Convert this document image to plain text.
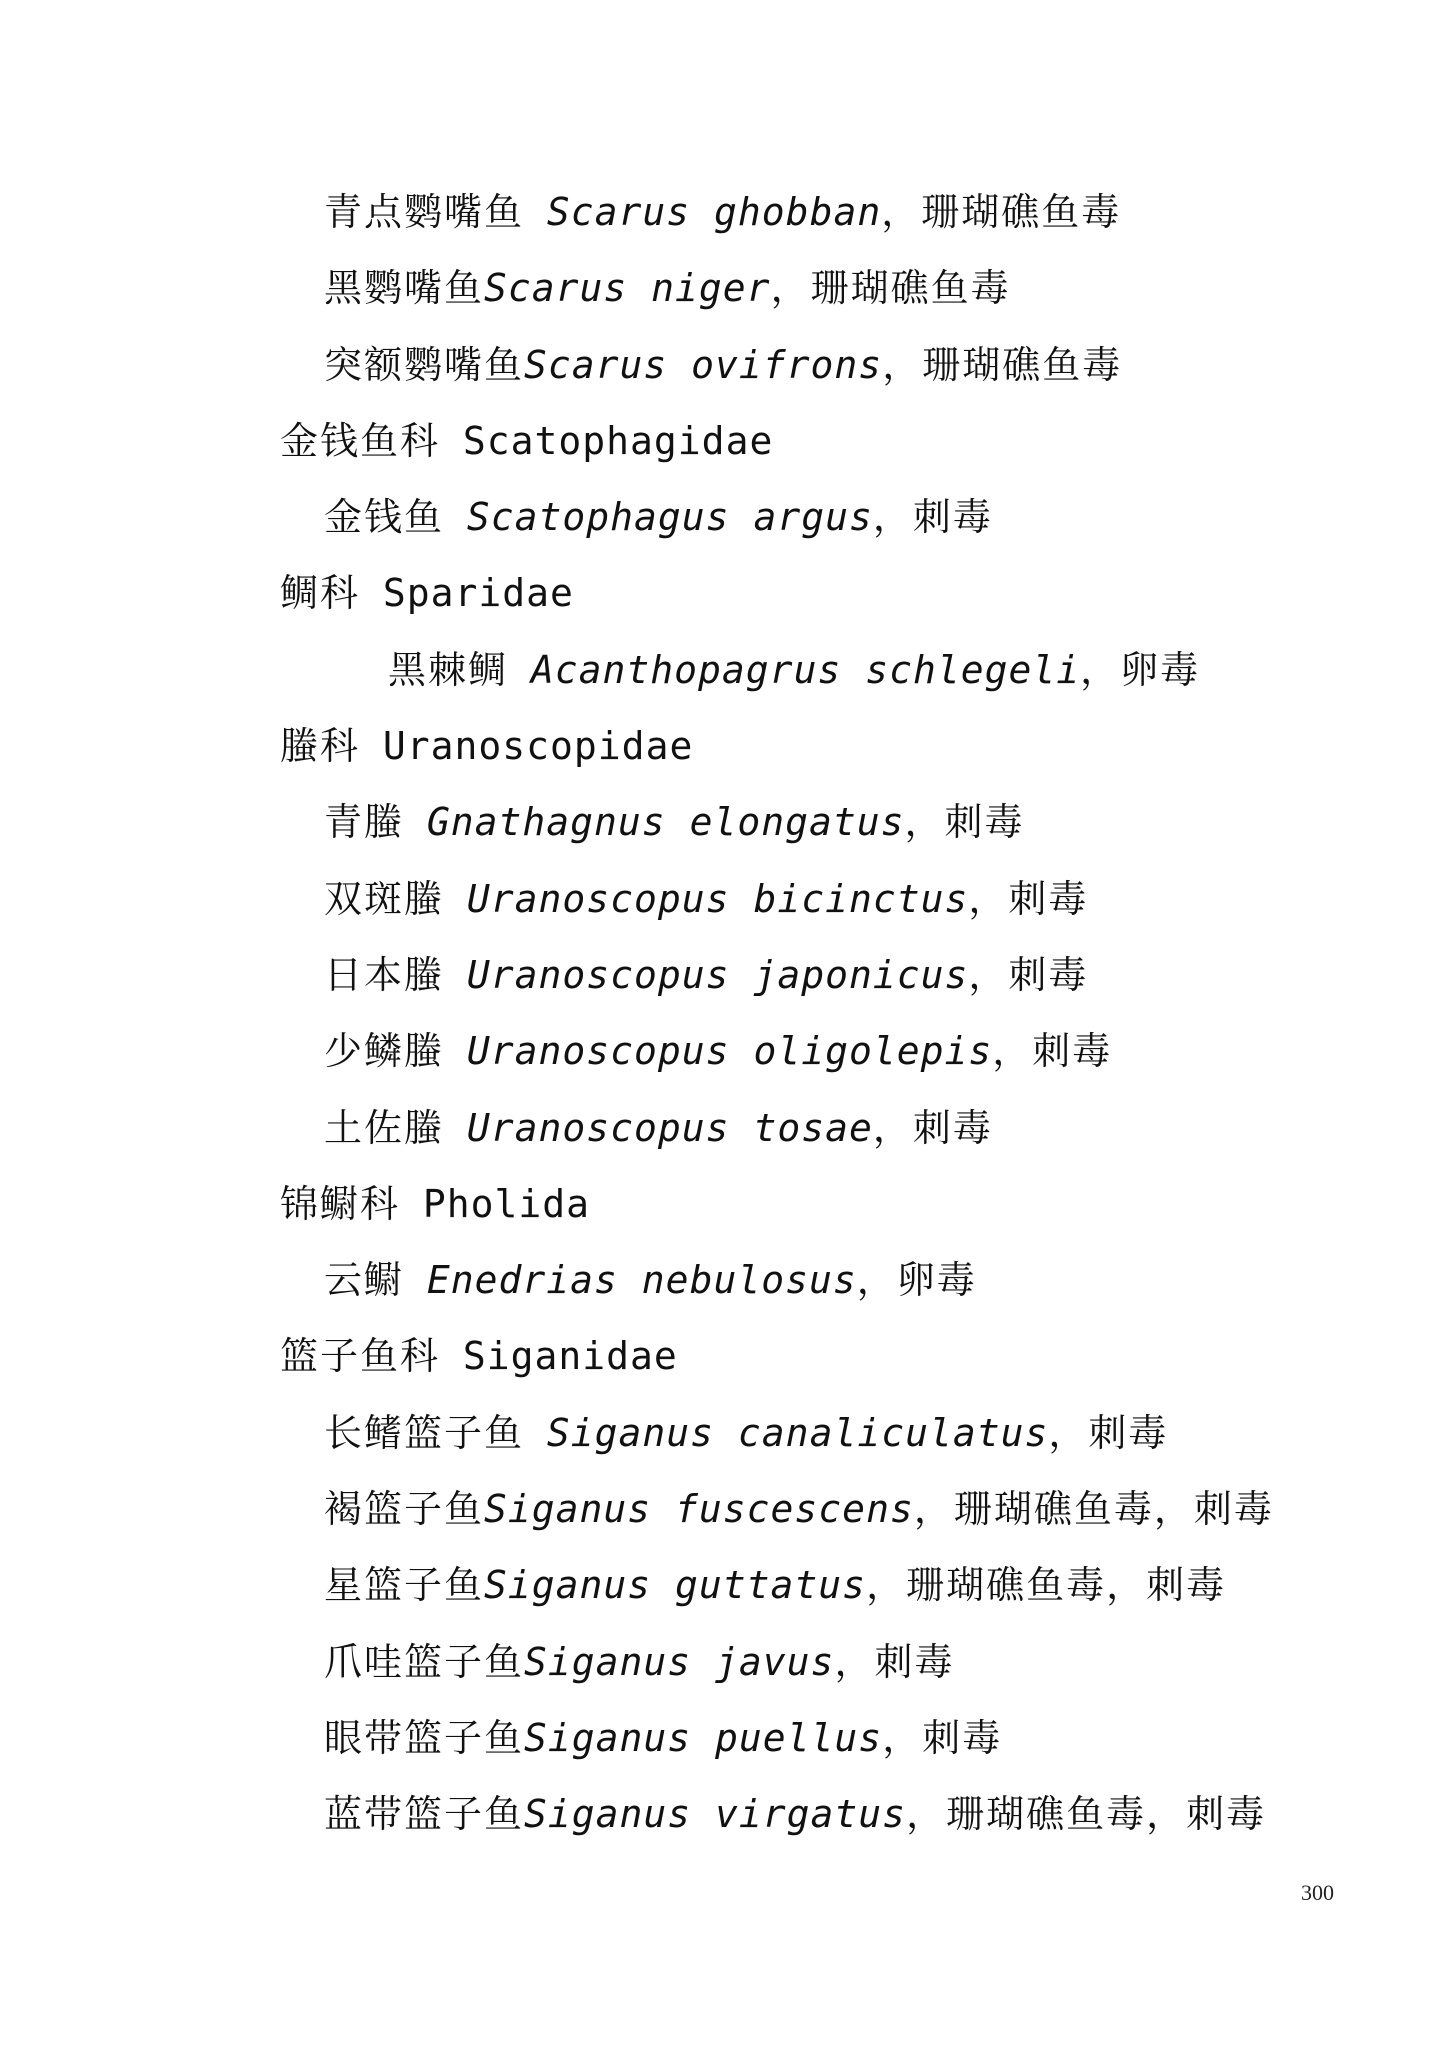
青点鹦嘴鱼 Scarus ghobban，珊瑚礁鱼毒
黑鹦嘴鱼Scarus niger，珊瑚礁鱼毒
突额鹦嘴鱼Scarus ovifrons，珊瑚礁鱼毒
金钱鱼科 Scatophagidae
金钱鱼 Scatophagus argus，刺毒
鲷科 Sparidae
黑棘鲷 Acanthopagrus schlegeli，卵毒
螣科 Uranoscopidae
青螣 Gnathagnus elongatus，刺毒
双斑螣 Uranoscopus bicinctus，刺毒
日本螣 Uranoscopus japonicus，刺毒
少鳞螣 Uranoscopus oligolepis，刺毒
土佐螣 Uranoscopus tosae，刺毒
锦鳚科 Pholida
云鳚 Enedrias nebulosus，卵毒
篮子鱼科 Siganidae
长鳍篮子鱼 Siganus canaliculatus，刺毒
褐篮子鱼Siganus fuscescens，珊瑚礁鱼毒，刺毒
星篮子鱼Siganus guttatus，珊瑚礁鱼毒，刺毒
爪哇篮子鱼Siganus javus，刺毒
眼带篮子鱼Siganus puellus，刺毒
蓝带篮子鱼Siganus virgatus，珊瑚礁鱼毒，刺毒
300
